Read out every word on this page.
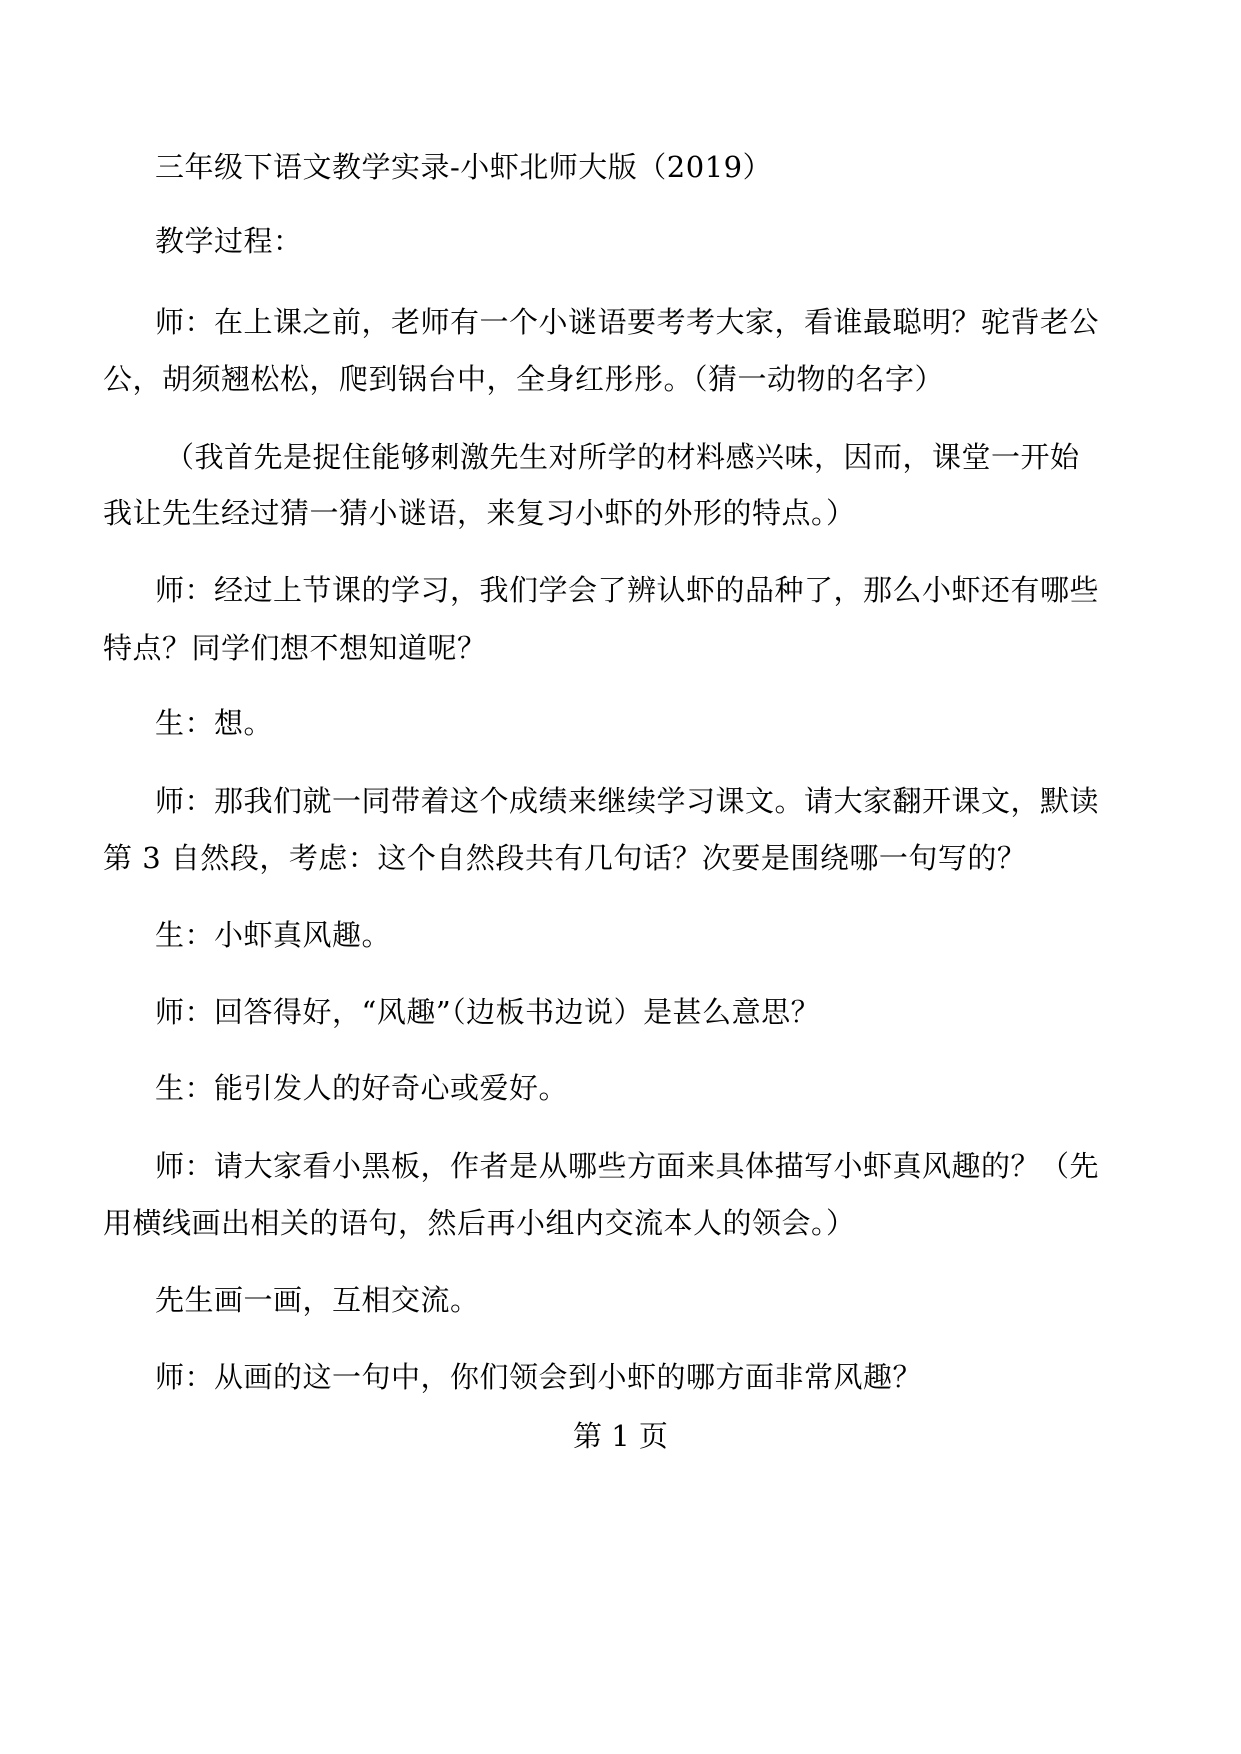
三年级下语文教学实录-小虾北师大版（2019）
教学过程：
师：在上课之前，老师有一个小谜语要考考大家，看谁最聪明？驼背老公
公，胡须翘松松，爬到锅台中，全身红彤彤。（猜一动物的名字）
（我首先是捉住能够刺激先生对所学的材料感兴味，因而，课堂一开始
我让先生经过猜一猜小谜语，来复习小虾的外形的特点。）
师：经过上节课的学习，我们学会了辨认虾的品种了，那么小虾还有哪些
特点？同学们想不想知道呢？
生：想。
师：那我们就一同带着这个成绩来继续学习课文。请大家翻开课文，默读
第 3 自然段，考虑：这个自然段共有几句话？次要是围绕哪一句写的？
生：小虾真风趣。
师：回答得好，“风趣”（边板书边说）是甚么意思？
生：能引发人的好奇心或爱好。
师：请大家看小黑板，作者是从哪些方面来具体描写小虾真风趣的？（先
用横线画出相关的语句，然后再小组内交流本人的领会。）
先生画一画，互相交流。
师：从画的这一句中，你们领会到小虾的哪方面非常风趣？
第 1 页
